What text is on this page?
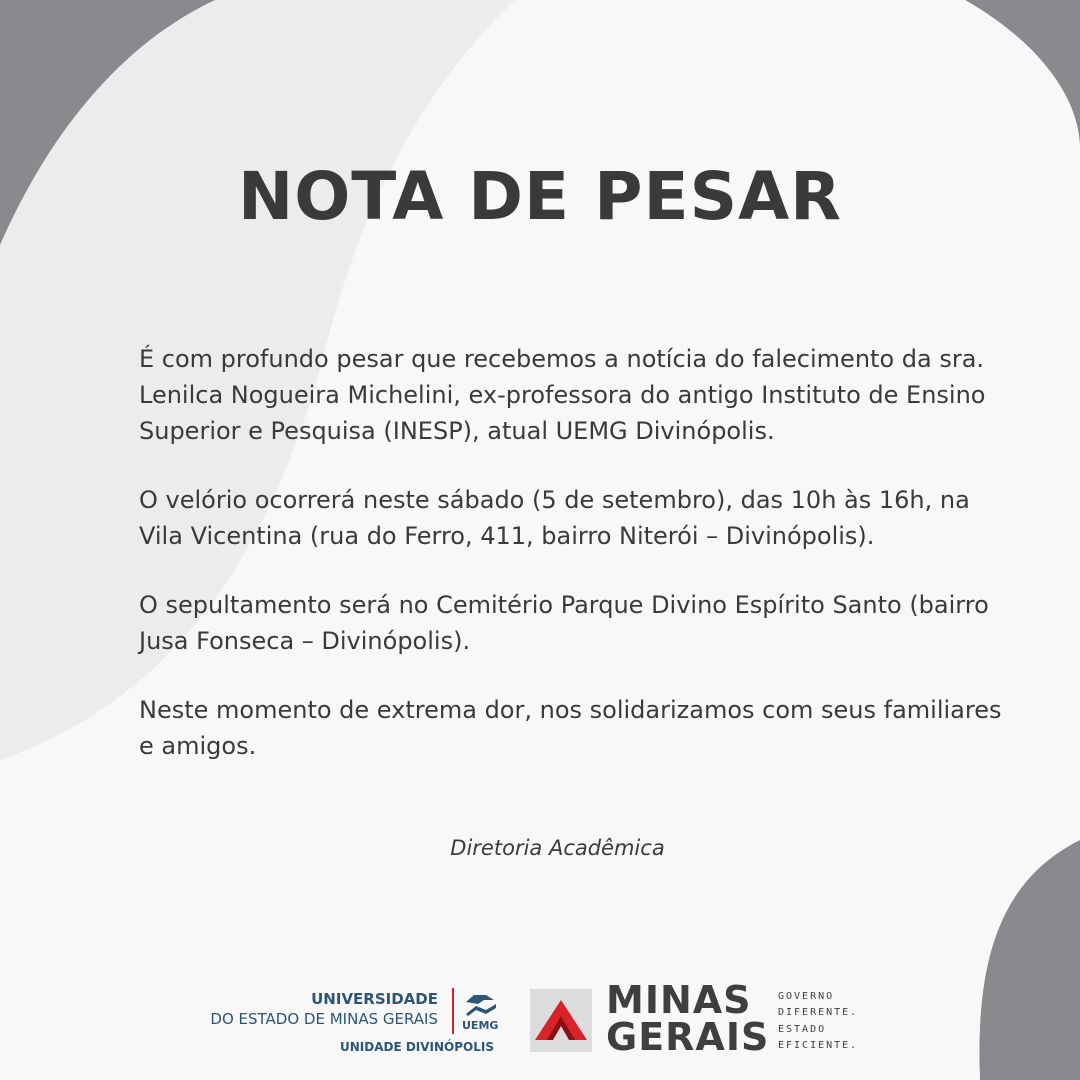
NOTA DE PESAR

É com profundo pesar que recebemos a notícia do falecimento da sra. Lenilca Nogueira Michelini, ex-professora do antigo Instituto de Ensino Superior e Pesquisa (INESP), atual UEMG Divinópolis.

O velório ocorrerá neste sábado (5 de setembro), das 10h às 16h, na Vila Vicentina (rua do Ferro, 411, bairro Niterói – Divinópolis).

O sepultamento será no Cemitério Parque Divino Espírito Santo (bairro Jusa Fonseca – Divinópolis).

Neste momento de extrema dor, nos solidarizamos com seus familiares e amigos.

Diretoria Acadêmica
UNIVERSIDADE
DO ESTADO DE MINAS GERAIS
UNIDADE DIVINÓPOLIS
UEMG
MINAS
GERAIS
GOVERNO
DIFERENTE.
ESTADO
EFICIENTE.
